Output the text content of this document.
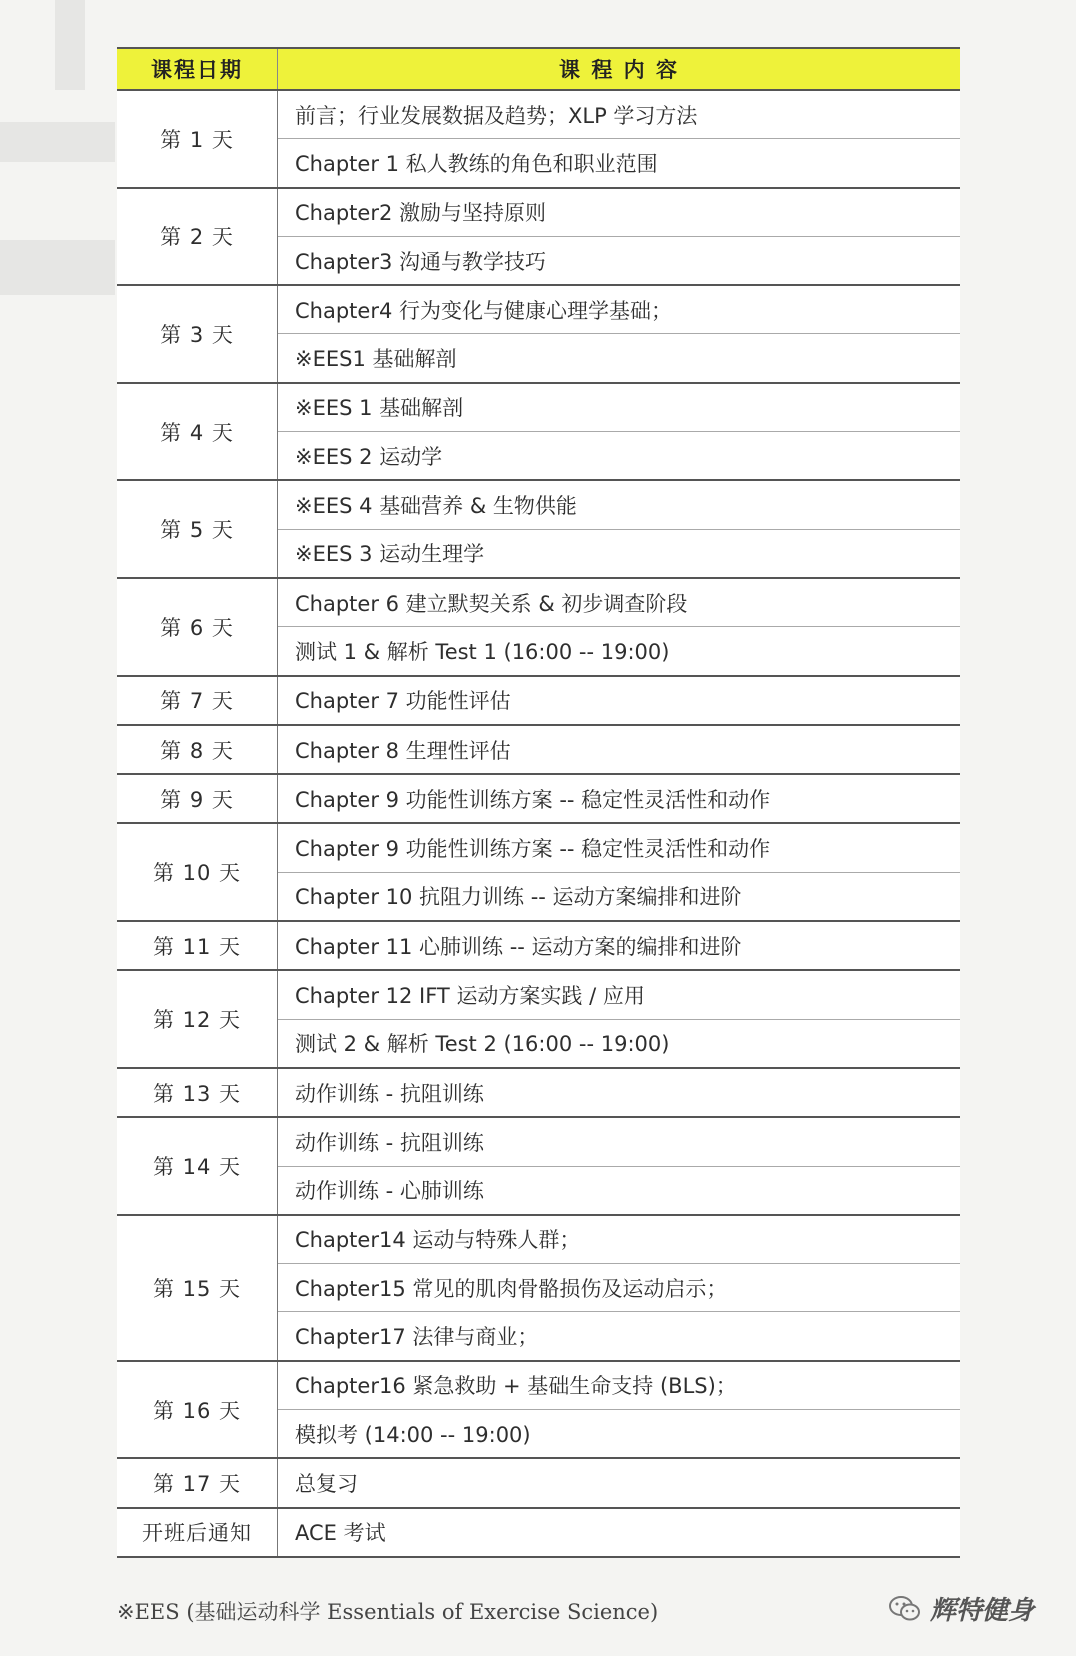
课程日期	课 程 内 容
第 1 天	前言；行业发展数据及趋势；XLP 学习方法
	Chapter 1 私人教练的角色和职业范围
第 2 天	Chapter2 激励与坚持原则
	Chapter3 沟通与教学技巧
第 3 天	Chapter4 行为变化与健康心理学基础；
	※EES1 基础解剖
第 4 天	※EES 1 基础解剖
	※EES 2 运动学
第 5 天	※EES 4 基础营养 & 生物供能
	※EES 3 运动生理学
第 6 天	Chapter 6 建立默契关系 & 初步调查阶段
	测试 1 & 解析 Test 1 (16:00 -- 19:00)
第 7 天	Chapter 7 功能性评估
第 8 天	Chapter 8 生理性评估
第 9 天	Chapter 9 功能性训练方案 -- 稳定性灵活性和动作
第 10 天	Chapter 9 功能性训练方案 -- 稳定性灵活性和动作
	Chapter 10 抗阻力训练 -- 运动方案编排和进阶
第 11 天	Chapter 11 心肺训练 -- 运动方案的编排和进阶
第 12 天	Chapter 12 IFT 运动方案实践 / 应用
	测试 2 & 解析 Test 2 (16:00 -- 19:00)
第 13 天	动作训练 - 抗阻训练
第 14 天	动作训练 - 抗阻训练
	动作训练 - 心肺训练
第 15 天	Chapter14 运动与特殊人群；
	Chapter15 常见的肌肉骨骼损伤及运动启示；
	Chapter17 法律与商业；
第 16 天	Chapter16 紧急救助 + 基础生命支持 (BLS)；
	模拟考 (14:00 -- 19:00)
第 17 天	总复习
开班后通知	ACE 考试
※EES (基础运动科学 Essentials of Exercise Science)	辉特健身
